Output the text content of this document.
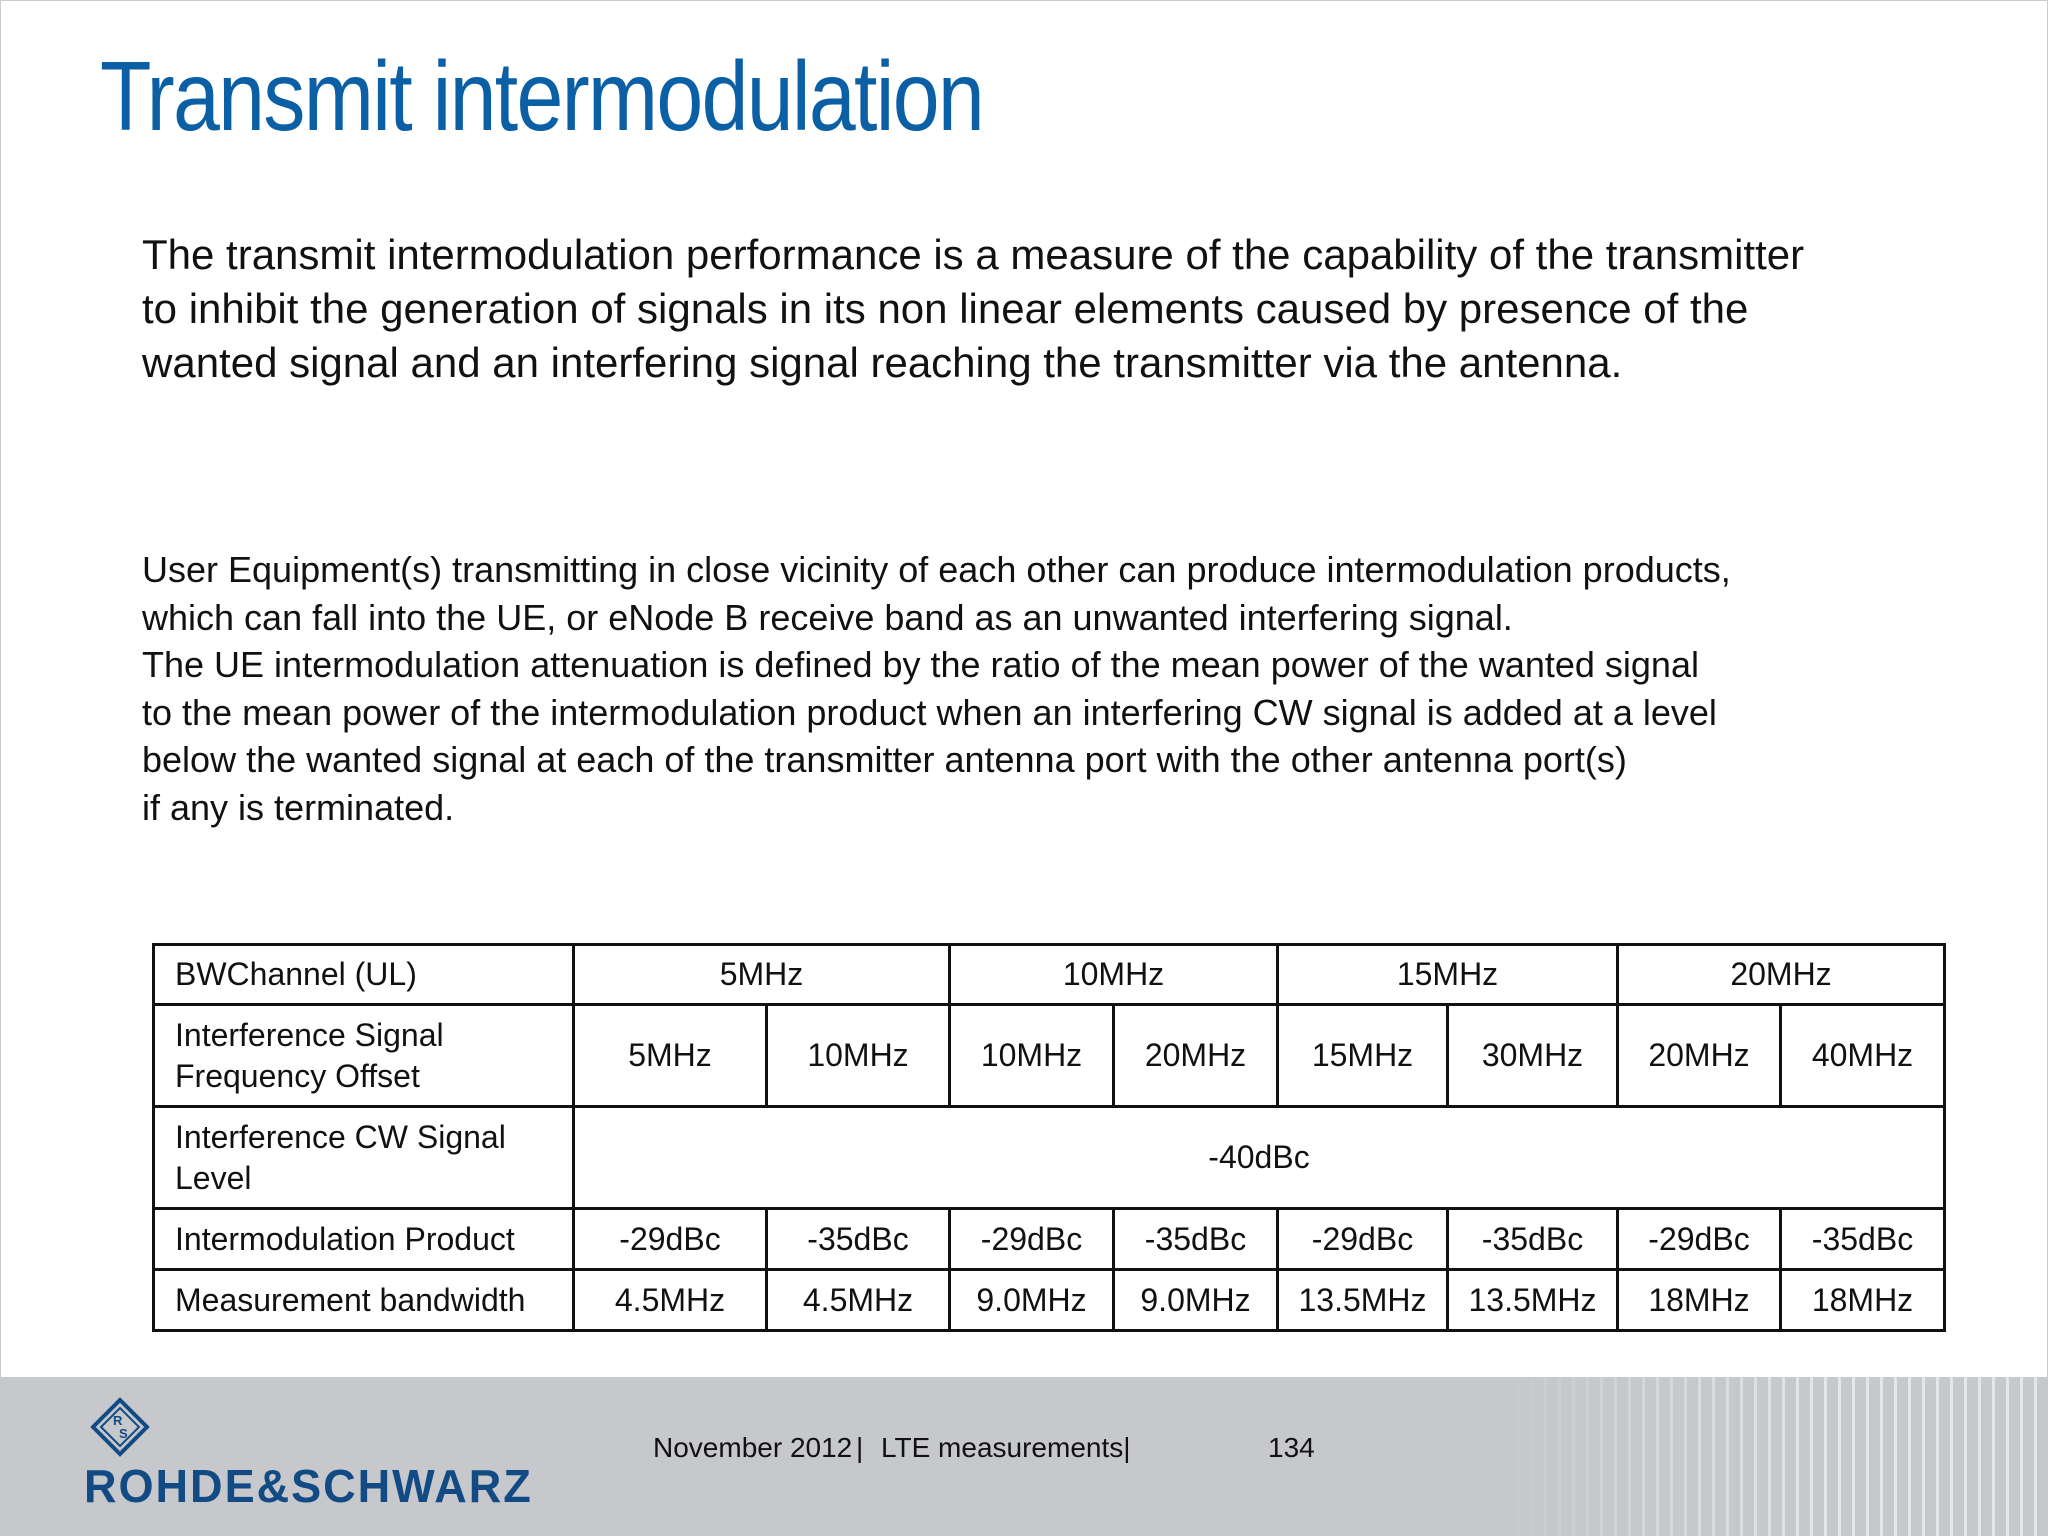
Transmit intermodulation
The transmit intermodulation performance is a measure of the capability of the transmitter
to inhibit the generation of signals in its non linear elements caused by presence of the
wanted signal and an interfering signal reaching the transmitter via the antenna.
User Equipment(s) transmitting in close vicinity of each other can produce intermodulation products,
which can fall into the UE, or eNode B receive band as an unwanted interfering signal.
The UE intermodulation attenuation is defined by the ratio of the mean power of the wanted signal
to the mean power of the intermodulation product when an interfering CW signal is added at a level
below the wanted signal at each of the transmitter antenna port with the other antenna port(s)
if any is terminated.
BWChannel (UL)	5MHz		10MHz		15MHz		20MHz	
Interference Signal Frequency Offset	5MHz	10MHz	10MHz	20MHz	15MHz	30MHz	20MHz	40MHz
Interference CW Signal Level	-40dBc							
Intermodulation Product	-29dBc	-35dBc	-29dBc	-35dBc	-29dBc	-35dBc	-29dBc	-35dBc
Measurement bandwidth	4.5MHz	4.5MHz	9.0MHz	9.0MHz	13.5MHz	13.5MHz	18MHz	18MHz
R
S
ROHDE&SCHWARZ
November 2012 | LTE measurements|	134
